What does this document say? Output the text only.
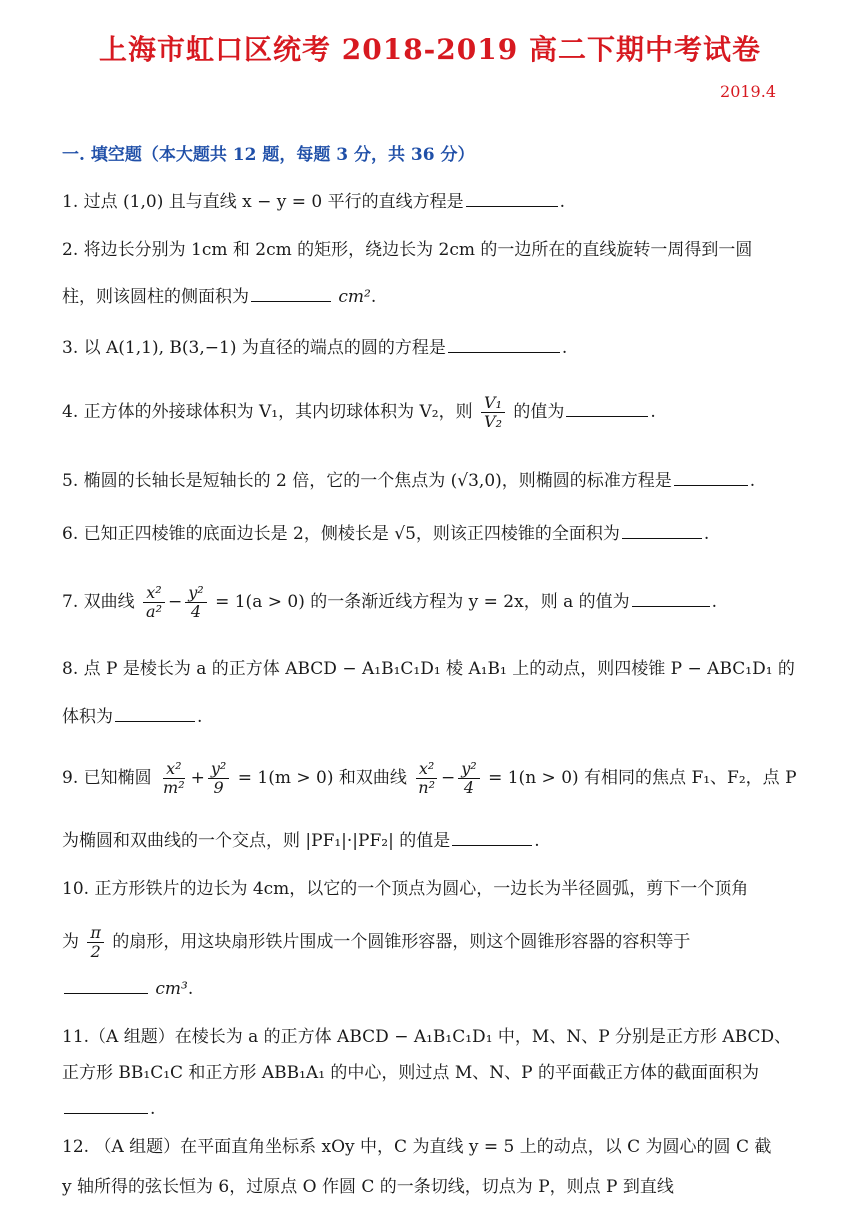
上海市虹口区统考 2018-2019 高二下期中考试卷
2019.4
一. 填空题（本大题共 12 题，每题 3 分，共 36 分）
1. 过点 (1,0) 且与直线 x − y = 0 平行的直线方程是	.
2. 将边长分别为 1cm 和 2cm 的矩形，绕边长为 2cm 的一边所在的直线旋转一周得到一圆
柱，则该圆柱的侧面积为	cm².
3. 以 A(1,1), B(3,−1) 为直径的端点的圆的方程是	.
4. 正方体的外接球体积为 V₁，其内切球体积为 V₂，则 $\frac{\text{V₁}}{\text{V₂}}$ 的值为	.
5. 椭圆的长轴长是短轴长的 2 倍，它的一个焦点为 (√3,0)，则椭圆的标准方程是	.
6. 已知正四棱锥的底面边长是 2，侧棱长是 √5，则该正四棱锥的全面积为	.
7. 双曲线 $\frac{\text{x²}}{\text{a²}} - \frac{\text{y²}}{4} = 1(a > 0)$ 的一条渐近线方程为 y = 2x，则 a 的值为	.
8. 点 P 是棱长为 a 的正方体 ABCD − A₁B₁C₁D₁ 棱 A₁B₁ 上的动点，则四棱锥 P − ABC₁D₁ 的
体积为	.
9. 已知椭圆 $\frac{\text{x²}}{\text{m²}} + \frac{\text{y²}}{9} = 1(m > 0)$ 和双曲线 $\frac{\text{x²}}{\text{n²}} - \frac{\text{y²}}{4} = 1(n > 0)$ 有相同的焦点 F₁、F₂，点 P
为椭圆和双曲线的一个交点，则 |PF₁|·|PF₂| 的值是	.
10. 正方形铁片的边长为 4cm，以它的一个顶点为圆心，一边长为半径圆弧，剪下一个顶角
为 $\frac{\pi}{2}$ 的扇形，用这块扇形铁片围成一个圆锥形容器，则这个圆锥形容器的容积等于
cm³.
11.（A 组题）在棱长为 a 的正方体 ABCD − A₁B₁C₁D₁ 中，M、N、P 分别是正方形 ABCD、
正方形 BB₁C₁C 和正方形 ABB₁A₁ 的中心，则过点 M、N、P 的平面截正方体的截面面积为
.
12. （A 组题）在平面直角坐标系 xOy 中，C 为直线 y = 5 上的动点，以 C 为圆心的圆 C 截
y 轴所得的弦长恒为 6，过原点 O 作圆 C 的一条切线，切点为 P，则点 P 到直线
